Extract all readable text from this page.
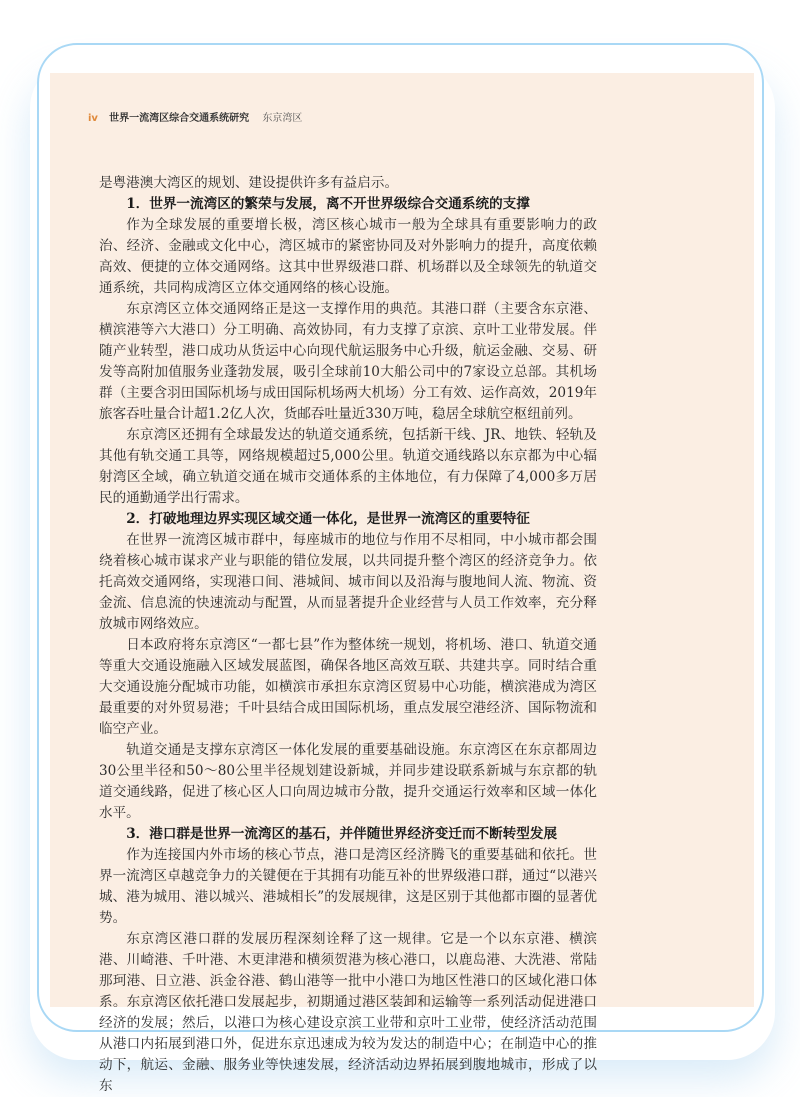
iv 世界一流湾区综合交通系统研究 东京湾区

是粤港澳大湾区的规划、建设提供许多有益启示。

1．世界一流湾区的繁荣与发展，离不开世界级综合交通系统的支撑

作为全球发展的重要增长极，湾区核心城市一般为全球具有重要影响力的政治、经济、金融或文化中心，湾区城市的紧密协同及对外影响力的提升，高度依赖高效、便捷的立体交通网络。这其中世界级港口群、机场群以及全球领先的轨道交通系统，共同构成湾区立体交通网络的核心设施。

东京湾区立体交通网络正是这一支撑作用的典范。其港口群（主要含东京港、横滨港等六大港口）分工明确、高效协同，有力支撑了京滨、京叶工业带发展。伴随产业转型，港口成功从货运中心向现代航运服务中心升级，航运金融、交易、研发等高附加值服务业蓬勃发展，吸引全球前10大船公司中的7家设立总部。其机场群（主要含羽田国际机场与成田国际机场两大机场）分工有效、运作高效，2019年旅客吞吐量合计超1.2亿人次，货邮吞吐量近330万吨，稳居全球航空枢纽前列。

东京湾区还拥有全球最发达的轨道交通系统，包括新干线、JR、地铁、轻轨及其他有轨交通工具等，网络规模超过5,000公里。轨道交通线路以东京都为中心辐射湾区全域，确立轨道交通在城市交通体系的主体地位，有力保障了4,000多万居民的通勤通学出行需求。

2．打破地理边界实现区域交通一体化，是世界一流湾区的重要特征

在世界一流湾区城市群中，每座城市的地位与作用不尽相同，中小城市都会围绕着核心城市谋求产业与职能的错位发展，以共同提升整个湾区的经济竞争力。依托高效交通网络，实现港口间、港城间、城市间以及沿海与腹地间人流、物流、资金流、信息流的快速流动与配置，从而显著提升企业经营与人员工作效率，充分释放城市网络效应。

日本政府将东京湾区“一都七县”作为整体统一规划，将机场、港口、轨道交通等重大交通设施融入区域发展蓝图，确保各地区高效互联、共建共享。同时结合重大交通设施分配城市功能，如横滨市承担东京湾区贸易中心功能，横滨港成为湾区最重要的对外贸易港；千叶县结合成田国际机场，重点发展空港经济、国际物流和临空产业。

轨道交通是支撑东京湾区一体化发展的重要基础设施。东京湾区在东京都周边30公里半径和50～80公里半径规划建设新城，并同步建设联系新城与东京都的轨道交通线路，促进了核心区人口向周边城市分散，提升交通运行效率和区域一体化水平。

3．港口群是世界一流湾区的基石，并伴随世界经济变迁而不断转型发展

作为连接国内外市场的核心节点，港口是湾区经济腾飞的重要基础和依托。世界一流湾区卓越竞争力的关键便在于其拥有功能互补的世界级港口群，通过“以港兴城、港为城用、港以城兴、港城相长”的发展规律，这是区别于其他都市圈的显著优势。

东京湾区港口群的发展历程深刻诠释了这一规律。它是一个以东京港、横滨港、川崎港、千叶港、木更津港和横须贺港为核心港口，以鹿岛港、大洗港、常陆那珂港、日立港、浜金谷港、鹤山港等一批中小港口为地区性港口的区域化港口体系。东京湾区依托港口发展起步，初期通过港区装卸和运输等一系列活动促进港口经济的发展；然后，以港口为核心建设京滨工业带和京叶工业带，使经济活动范围从港口内拓展到港口外，促进东京迅速成为较为发达的制造中心；在制造中心的推动下，航运、金融、服务业等快速发展，经济活动边界拓展到腹地城市，形成了以东
